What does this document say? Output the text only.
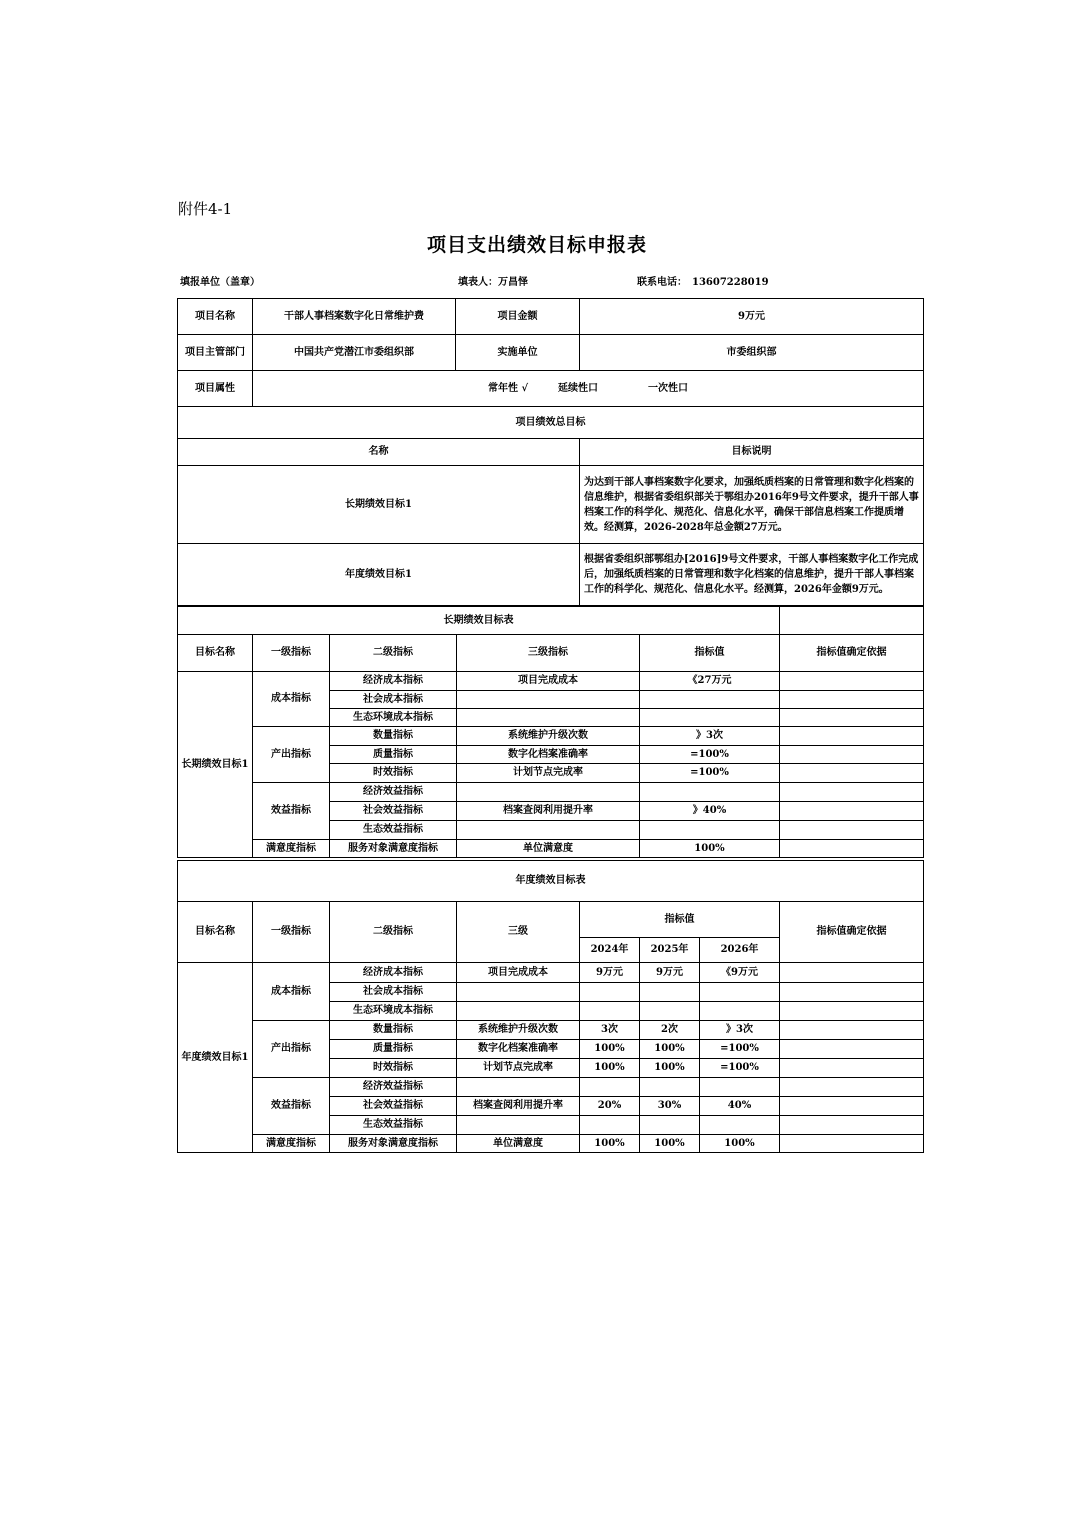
附件4-1
项目支出绩效目标申报表
填报单位（盖章）	填表人：万昌怿	联系电话：　13607228019
项目名称	干部人事档案数字化日常维护费	项目金额	9万元
项目主管部门	中国共产党潜江市委组织部	实施单位	市委组织部
项目属性	常年性 √　　　延续性口　　　　　一次性口		
项目绩效总目标			
名称			目标说明
长期绩效目标1			为达到干部人事档案数字化要求，加强纸质档案的日常管理和数字化档案的信息维护，根据省委组织部关于鄂组办2016年9号文件要求，提升干部人事档案工作的科学化、规范化、信息化水平，确保干部信息档案工作提质增效。经测算，2026-2028年总金额27万元。
年度绩效目标1			根据省委组织部鄂组办[2016]9号文件要求，干部人事档案数字化工作完成后，加强纸质档案的日常管理和数字化档案的信息维护，提升干部人事档案工作的科学化、规范化、信息化水平。经测算，2026年金额9万元。
长期绩效目标表					
目标名称	一级指标	二级指标	三级指标	指标值	指标值确定依据
长期绩效目标1	成本指标	经济成本指标	项目完成成本	《27万元	
		社会成本指标			
		生态环境成本指标			
	产出指标	数量指标	系统维护升级次数	》3次	
		质量指标	数字化档案准确率	=100%	
		时效指标	计划节点完成率	=100%	
	效益指标	经济效益指标			
		社会效益指标	档案查阅利用提升率	》40%	
		生态效益指标			
	满意度指标	服务对象满意度指标	单位满意度	100%	
年度绩效目标表							
目标名称	一级指标	二级指标	三级	指标值			指标值确定依据
				2024年	2025年	2026年	
年度绩效目标1	成本指标	经济成本指标	项目完成成本	9万元	9万元	《9万元	
		社会成本指标					
		生态环境成本指标					
	产出指标	数量指标	系统维护升级次数	3次	2次	》3次	
		质量指标	数字化档案准确率	100%	100%	=100%	
		时效指标	计划节点完成率	100%	100%	=100%	
	效益指标	经济效益指标					
		社会效益指标	档案查阅利用提升率	20%	30%	40%	
		生态效益指标					
	满意度指标	服务对象满意度指标	单位满意度	100%	100%	100%	
